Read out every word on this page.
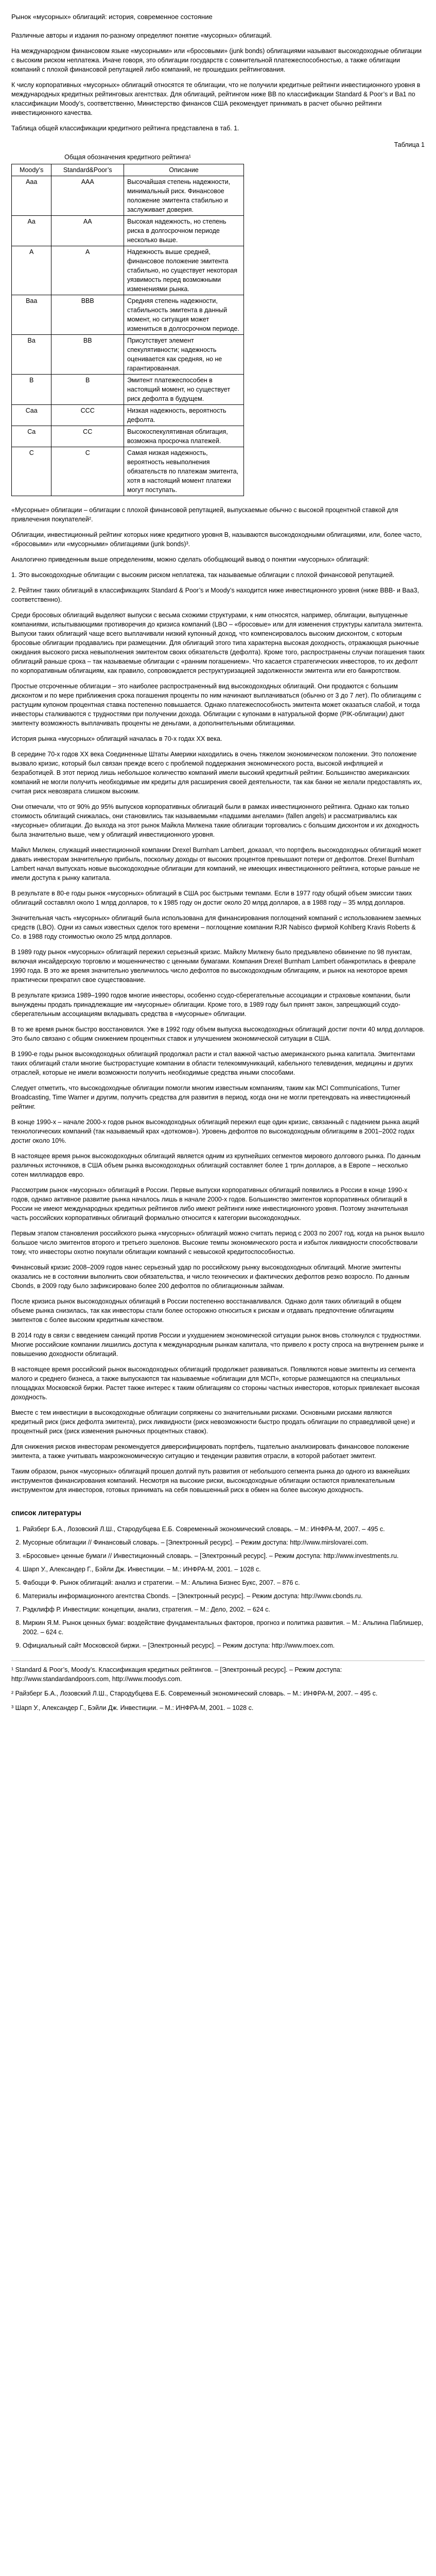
Рынок «мусорных» облигаций: история, современное состояние

Различные авторы и издания по-разному определяют понятие «мусорных» облигаций.

На международном финансовом языке «мусорными» или «бросовыми» (junk bonds) облигациями называют высокодоходные облигации с высоким риском неплатежа. Иначе говоря, это облигации государств с сомнительной платежеспособностью, а также облигации компаний с плохой финансовой репутацией либо компаний, не прошедших рейтингования.

К числу корпоративных «мусорных» облигаций относятся те облигации, что не получили кредитные рейтинги инвестиционного уровня в международных кредитных рейтинговых агентствах. Для облигаций, рейтингом ниже ВВ по классификации Standard & Poor’s и Ва1 по классификации Moody’s, соответственно, Министерство финансов США рекомендует принимать в расчет обычно рейтинги инвестиционного качества.

Таблица общей классификации кредитного рейтинга представлена в таб. 1.

Таблица 1
Общая обозначения кредитного рейтинга¹
Moody’s	Standard&Poor’s	Описание
Aaa	AAA	Высочайшая степень надежности, минимальный риск. Финансовое положение эмитента стабильно и заслуживает доверия.
Aa	AA	Высокая надежность, но степень риска в долгосрочном периоде несколько выше.
A	A	Надежность выше средней, финансовое положение эмитента стабильно, но существует некоторая уязвимость перед возможными изменениями рынка.
Baa	BBB	Средняя степень надежности, стабильность эмитента в данный момент, но ситуация может измениться в долгосрочном периоде.
Ba	BB	Присутствует элемент спекулятивности; надежность оценивается как средняя, но не гарантированная.
B	B	Эмитент платежеспособен в настоящий момент, но существует риск дефолта в будущем.
Caa	CCC	Низкая надежность, вероятность дефолта.
Ca	CC	Высокоспекулятивная облигация, возможна просрочка платежей.
C	C	Самая низкая надежность, вероятность невыполнения обязательств по платежам эмитента, хотя в настоящий момент платежи могут поступать.

«Мусорные» облигации – облигации с плохой финансовой репутацией, выпускаемые обычно с высокой процентной ставкой для привлечения покупателей².

Облигации, инвестиционный рейтинг которых ниже кредитного уровня В, называются высокодоходными облигациями, или, более часто, «бросовыми» или «мусорными» облигациями (junk bonds)³.

Аналогично приведенным выше определениям, можно сделать обобщающий вывод о понятии «мусорных» облигаций:

1. Это высокодоходные облигации с высоким риском неплатежа, так называемые облигации с плохой финансовой репутацией.

2. Рейтинг таких облигаций в классификациях Standard & Poor’s и Moody’s находится ниже инвестиционного уровня (ниже BBB- и Baa3, соответственно).

Среди бросовых облигаций выделяют выпуски с весьма схожими структурами, к ним относятся, например, облигации, выпущенные компаниями, испытывающими противоречия до кризиса компаний (LBO – «бросовые» или для изменения структуры капитала эмитента. Выпуски таких облигаций чаще всего выплачивали низкий купонный доход, что компенсировалось высоким дисконтом, с которым бросовые облигации продавались при размещении. Для облигаций этого типа характерна высокая доходность, отражающая рыночные ожидания высокого риска невыполнения эмитентом своих обязательств (дефолта). Кроме того, распространены случаи погашения таких облигаций раньше срока – так называемые облигации с «ранним погашением». Что касается стратегических инвесторов, то их дефолт по корпоративным облигациям, как правило, сопровождается реструктуризацией задолженности эмитента или его банкротством.

Простые отсроченные облигации – это наиболее распространенный вид высокодоходных облигаций. Они продаются с большим дисконтом и по мере приближения срока погашения проценты по ним начинают выплачиваться (обычно от 3 до 7 лет). По облигациям с растущим купоном процентная ставка постепенно повышается. Однако платежеспособность эмитента может оказаться слабой, и тогда инвесторы сталкиваются с трудностями при получении дохода. Облигации с купонами в натуральной форме (PIK-облигации) дают эмитенту возможность выплачивать проценты не деньгами, а дополнительными облигациями.

История рынка «мусорных» облигаций началась в 70-х годах ХХ века.

В середине 70-х годов ХХ века Соединенные Штаты Америки находились в очень тяжелом экономическом положении. Это положение вызвало кризис, который был связан прежде всего с проблемой поддержания экономического роста, высокой инфляцией и безработицей. В этот период лишь небольшое количество компаний имели высокий кредитный рейтинг. Большинство американских компаний не могли получить необходимые им кредиты для расширения своей деятельности, так как банки не желали предоставлять их, считая риск невозврата слишком высоким.

Они отмечали, что от 90% до 95% выпусков корпоративных облигаций были в рамках инвестиционного рейтинга. Однако как только стоимость облигаций снижалась, они становились так называемыми «падшими ангелами» (fallen angels) и рассматривались как «мусорные» облигации. До выхода на этот рынок Майкла Милкена такие облигации торговались с большим дисконтом и их доходность была значительно выше, чем у облигаций инвестиционного уровня.

Майкл Милкен, служащий инвестиционной компании Drexel Burnham Lambert, доказал, что портфель высокодоходных облигаций может давать инвесторам значительную прибыль, поскольку доходы от высоких процентов превышают потери от дефолтов. Drexel Burnham Lambert начал выпускать новые высокодоходные облигации для компаний, не имеющих инвестиционного рейтинга, которые раньше не имели доступа к рынку капитала.

В результате в 80-е годы рынок «мусорных» облигаций в США рос быстрыми темпами. Если в 1977 году общий объем эмиссии таких облигаций составлял около 1 млрд долларов, то к 1985 году он достиг около 20 млрд долларов, а в 1988 году – 35 млрд долларов.

Значительная часть «мусорных» облигаций была использована для финансирования поглощений компаний с использованием заемных средств (LBO). Одни из самых известных сделок того времени – поглощение компании RJR Nabisco фирмой Kohlberg Kravis Roberts & Co. в 1988 году стоимостью около 25 млрд долларов.

В 1989 году рынок «мусорных» облигаций пережил серьезный кризис. Майклу Милкену было предъявлено обвинение по 98 пунктам, включая инсайдерскую торговлю и мошенничество с ценными бумагами. Компания Drexel Burnham Lambert обанкротилась в феврале 1990 года. В это же время значительно увеличилось число дефолтов по высокодоходным облигациям, и рынок на некоторое время практически прекратил свое существование.

В результате кризиса 1989–1990 годов многие инвесторы, особенно ссудо-сберегательные ассоциации и страховые компании, были вынуждены продать принадлежащие им «мусорные» облигации. Кроме того, в 1989 году был принят закон, запрещающий ссудо-сберегательным ассоциациям вкладывать средства в «мусорные» облигации.

В то же время рынок быстро восстановился. Уже в 1992 году объем выпуска высокодоходных облигаций достиг почти 40 млрд долларов. Это было связано с общим снижением процентных ставок и улучшением экономической ситуации в США.

В 1990-е годы рынок высокодоходных облигаций продолжал расти и стал важной частью американского рынка капитала. Эмитентами таких облигаций стали многие быстрорастущие компании в области телекоммуникаций, кабельного телевидения, медицины и других отраслей, которые не имели возможности получить необходимые средства иными способами.

Следует отметить, что высокодоходные облигации помогли многим известным компаниям, таким как MCI Communications, Turner Broadcasting, Time Warner и другим, получить средства для развития в период, когда они не могли претендовать на инвестиционный рейтинг.

В конце 1990-х – начале 2000-х годов рынок высокодоходных облигаций пережил еще один кризис, связанный с падением рынка акций технологических компаний (так называемый крах «доткомов»). Уровень дефолтов по высокодоходным облигациям в 2001–2002 годах достиг около 10%.

В настоящее время рынок высокодоходных облигаций является одним из крупнейших сегментов мирового долгового рынка. По данным различных источников, в США объем рынка высокодоходных облигаций составляет более 1 трлн долларов, а в Европе – несколько сотен миллиардов евро.

Рассмотрим рынок «мусорных» облигаций в России. Первые выпуски корпоративных облигаций появились в России в конце 1990-х годов, однако активное развитие рынка началось лишь в начале 2000-х годов. Большинство эмитентов корпоративных облигаций в России не имеют международных кредитных рейтингов либо имеют рейтинги ниже инвестиционного уровня. Поэтому значительная часть российских корпоративных облигаций формально относится к категории высокодоходных.

Первым этапом становления российского рынка «мусорных» облигаций можно считать период с 2003 по 2007 год, когда на рынок вышло большое число эмитентов второго и третьего эшелонов. Высокие темпы экономического роста и избыток ликвидности способствовали тому, что инвесторы охотно покупали облигации компаний с невысокой кредитоспособностью.

Финансовый кризис 2008–2009 годов нанес серьезный удар по российскому рынку высокодоходных облигаций. Многие эмитенты оказались не в состоянии выполнить свои обязательства, и число технических и фактических дефолтов резко возросло. По данным Cbonds, в 2009 году было зафиксировано более 200 дефолтов по облигационным займам.

После кризиса рынок высокодоходных облигаций в России постепенно восстанавливался. Однако доля таких облигаций в общем объеме рынка снизилась, так как инвесторы стали более осторожно относиться к рискам и отдавать предпочтение облигациям эмитентов с более высоким кредитным качеством.

В 2014 году в связи с введением санкций против России и ухудшением экономической ситуации рынок вновь столкнулся с трудностями. Многие российские компании лишились доступа к международным рынкам капитала, что привело к росту спроса на внутреннем рынке и повышению доходности облигаций.

В настоящее время российский рынок высокодоходных облигаций продолжает развиваться. Появляются новые эмитенты из сегмента малого и среднего бизнеса, а также выпускаются так называемые «облигации для МСП», которые размещаются на специальных площадках Московской биржи. Растет также интерес к таким облигациям со стороны частных инвесторов, которых привлекает высокая доходность.

Вместе с тем инвестиции в высокодоходные облигации сопряжены со значительными рисками. Основными рисками являются кредитный риск (риск дефолта эмитента), риск ликвидности (риск невозможности быстро продать облигации по справедливой цене) и процентный риск (риск изменения рыночных процентных ставок).

Для снижения рисков инвесторам рекомендуется диверсифицировать портфель, тщательно анализировать финансовое положение эмитента, а также учитывать макроэкономическую ситуацию и тенденции развития отрасли, в которой работает эмитент.

Таким образом, рынок «мусорных» облигаций прошел долгий путь развития от небольшого сегмента рынка до одного из важнейших инструментов финансирования компаний. Несмотря на высокие риски, высокодоходные облигации остаются привлекательным инструментом для инвесторов, готовых принимать на себя повышенный риск в обмен на более высокую доходность.

список литературы
1. Райзберг Б.А., Лозовский Л.Ш., Стародубцева Е.Б. Современный экономический словарь. – М.: ИНФРА-М, 2007. – 495 с.
2. Мусорные облигации // Финансовый словарь. – [Электронный ресурс]. – Режим доступа: http://www.mirslovarei.com.
3. «Бросовые» ценные бумаги // Инвестиционный словарь. – [Электронный ресурс]. – Режим доступа: http://www.investments.ru.
4. Шарп У., Александер Г., Бэйли Дж. Инвестиции. – М.: ИНФРА-М, 2001. – 1028 с.
5. Фабоцци Ф. Рынок облигаций: анализ и стратегии. – М.: Альпина Бизнес Букс, 2007. – 876 с.
6. Материалы информационного агентства Cbonds. – [Электронный ресурс]. – Режим доступа: http://www.cbonds.ru.
7. Рэдклифф Р. Инвестиции: концепции, анализ, стратегия. – М.: Дело, 2002. – 624 с.
8. Миркин Я.М. Рынок ценных бумаг: воздействие фундаментальных факторов, прогноз и политика развития. – М.: Альпина Паблишер, 2002. – 624 с.
9. Официальный сайт Московской биржи. – [Электронный ресурс]. – Режим доступа: http://www.moex.com.

¹ Standard & Poor’s, Moody’s. Классификация кредитных рейтингов. – [Электронный ресурс]. – Режим доступа: http://www.standardandpoors.com, http://www.moodys.com.

² Райзберг Б.А., Лозовский Л.Ш., Стародубцева Е.Б. Современный экономический словарь. – М.: ИНФРА-М, 2007. – 495 с.

³ Шарп У., Александер Г., Бэйли Дж. Инвестиции. – М.: ИНФРА-М, 2001. – 1028 с.
